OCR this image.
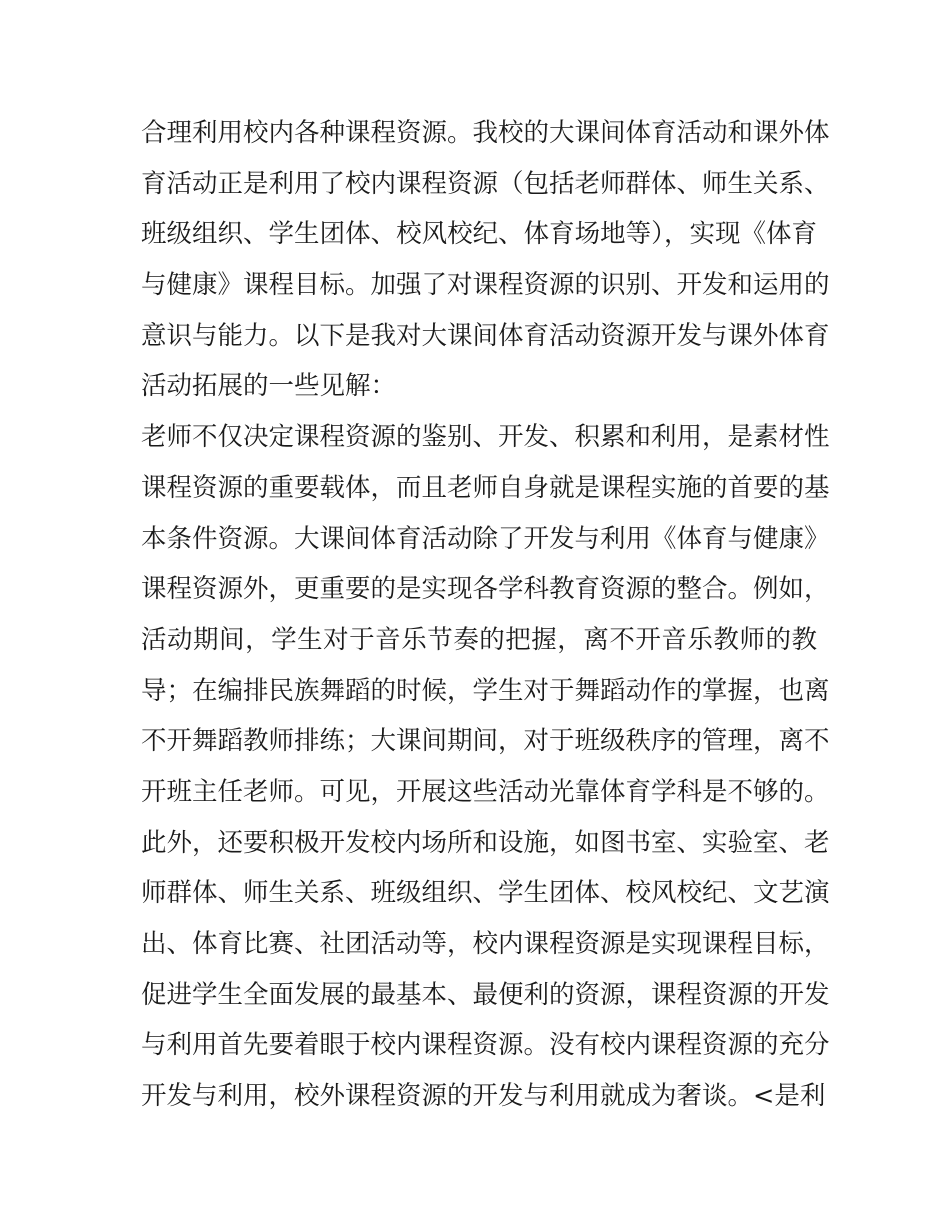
合理利用校内各种课程资源。我校的大课间体育活动和课外体
育活动正是利用了校内课程资源（包括老师群体、师生关系、
班级组织、学生团体、校风校纪、体育场地等），实现《体育
与健康》课程目标。加强了对课程资源的识别、开发和运用的
意识与能力。以下是我对大课间体育活动资源开发与课外体育
活动拓展的一些见解：
老师不仅决定课程资源的鉴别、开发、积累和利用，是素材性
课程资源的重要载体，而且老师自身就是课程实施的首要的基
本条件资源。大课间体育活动除了开发与利用《体育与健康》
课程资源外，更重要的是实现各学科教育资源的整合。例如，
活动期间，学生对于音乐节奏的把握，离不开音乐教师的教
导；在编排民族舞蹈的时候，学生对于舞蹈动作的掌握，也离
不开舞蹈教师排练；大课间期间，对于班级秩序的管理，离不
开班主任老师。可见，开展这些活动光靠体育学科是不够的。
此外，还要积极开发校内场所和设施，如图书室、实验室、老
师群体、师生关系、班级组织、学生团体、校风校纪、文艺演
出、体育比赛、社团活动等，校内课程资源是实现课程目标，
促进学生全面发展的最基本、最便利的资源，课程资源的开发
与利用首先要着眼于校内课程资源。没有校内课程资源的充分
开发与利用，校外课程资源的开发与利用就成为奢谈。<是利
